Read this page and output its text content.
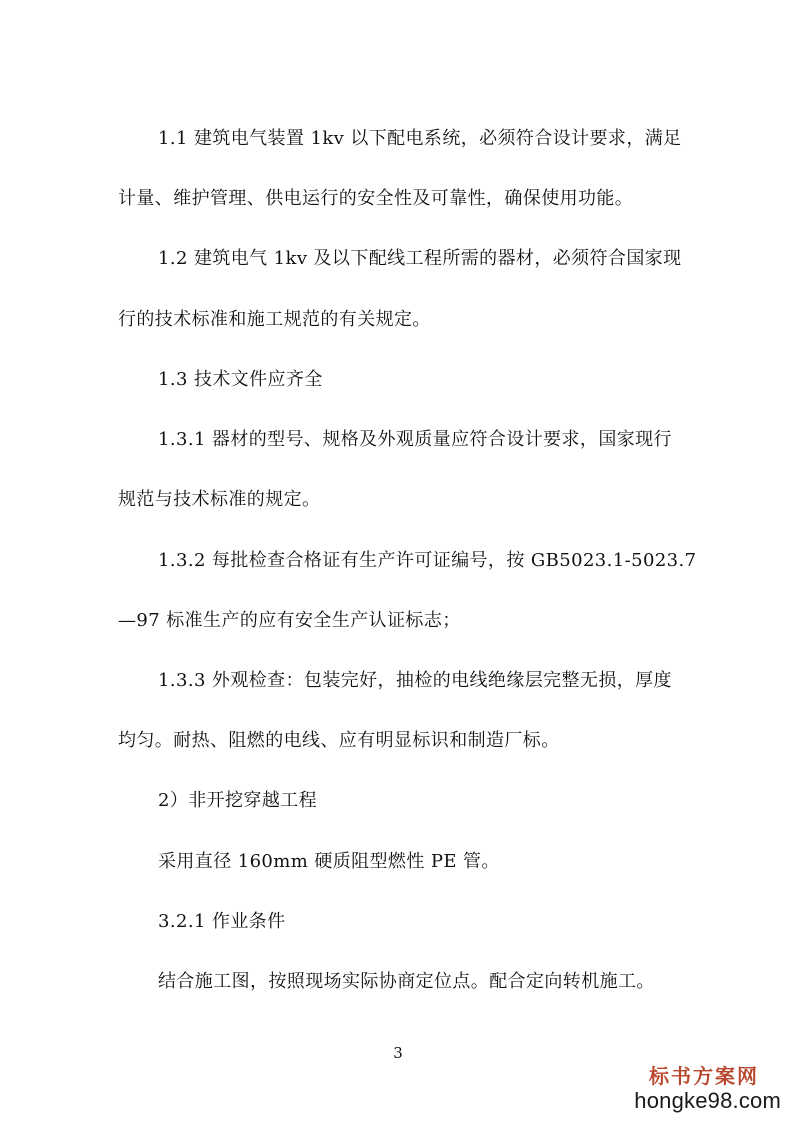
1.1 建筑电气装置 1kv 以下配电系统，必须符合设计要求，满足
计量、维护管理、供电运行的安全性及可靠性，确保使用功能。
1.2 建筑电气 1kv 及以下配线工程所需的器材，必须符合国家现
行的技术标准和施工规范的有关规定。
1.3 技术文件应齐全
1.3.1 器材的型号、规格及外观质量应符合设计要求，国家现行
规范与技术标准的规定。
1.3.2 每批检查合格证有生产许可证编号，按 GB5023.1-5023.7
—97 标准生产的应有安全生产认证标志；
1.3.3 外观检查：包装完好，抽检的电线绝缘层完整无损，厚度
均匀。耐热、阻燃的电线、应有明显标识和制造厂标。
2）非开挖穿越工程
采用直径 160mm 硬质阻型燃性 PE 管。
3.2.1 作业条件
结合施工图，按照现场实际协商定位点。配合定向转机施工。
3
标书方案网
hongke98.com
